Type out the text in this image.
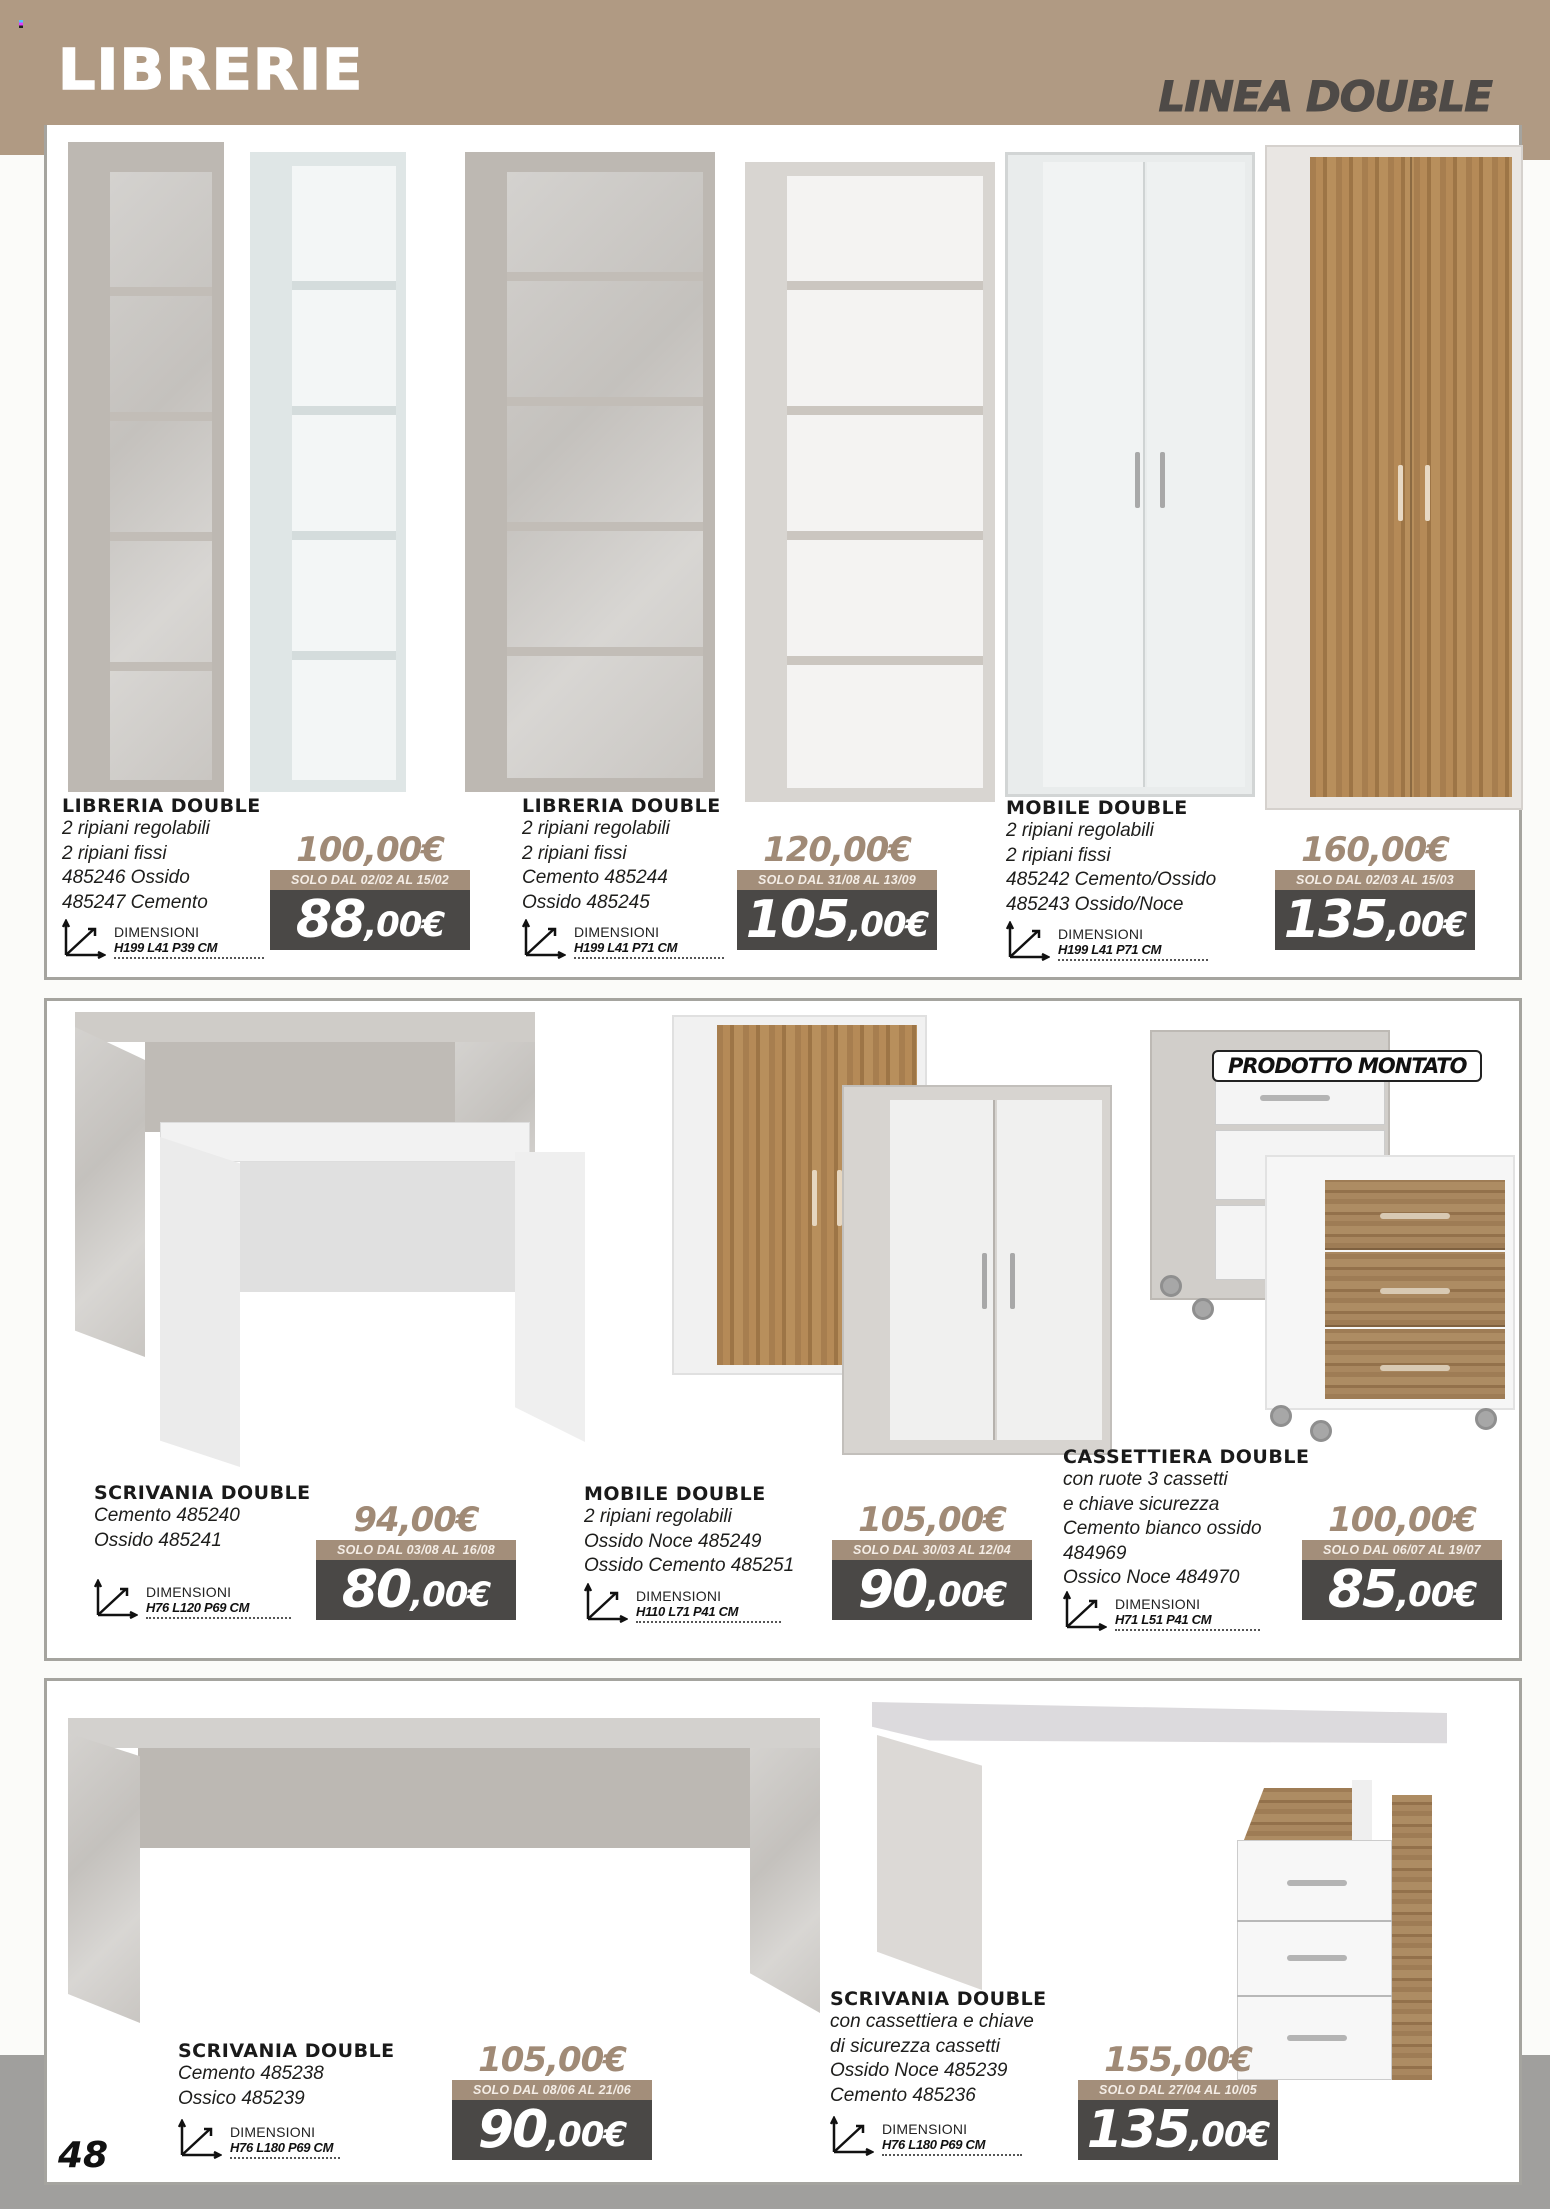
LIBRERIE	LINEA DOUBLE
LIBRERIA DOUBLE
2 ripiani regolabili
2 ripiani fissi
485246 Ossido
485247 Cemento
DIMENSIONI
H199 L41 P39 CM
100,00€
SOLO DAL 02/02 AL 15/02
88 ,00€
LIBRERIA DOUBLE
2 ripiani regolabili
2 ripiani fissi
Cemento 485244
Ossido 485245
DIMENSIONI
H199 L41 P71 CM
120,00€
SOLO DAL 31/08 AL 13/09
105 ,00€
MOBILE DOUBLE
2 ripiani regolabili
2 ripiani fissi
485242 Cemento/Ossido
485243 Ossido/Noce
DIMENSIONI
H199 L41 P71 CM
160,00€
SOLO DAL 02/03 AL 15/03
135 ,00€
PRODOTTO MONTATO
SCRIVANIA DOUBLE
Cemento 485240
Ossido 485241
DIMENSIONI
H76 L120 P69 CM
94,00€
SOLO DAL 03/08 AL 16/08
80 ,00€
MOBILE DOUBLE
2 ripiani regolabili
Ossido Noce 485249
Ossido Cemento 485251
DIMENSIONI
H110 L71 P41 CM
105,00€
SOLO DAL 30/03 AL 12/04
90 ,00€
CASSETTIERA DOUBLE
con ruote 3 cassetti
e chiave sicurezza
Cemento bianco ossido
484969
Ossico Noce 484970
DIMENSIONI
H71 L51 P41 CM
100,00€
SOLO DAL 06/07 AL 19/07
85 ,00€
SCRIVANIA DOUBLE
Cemento 485238
Ossico 485239
DIMENSIONI
H76 L180 P69 CM
105,00€
SOLO DAL 08/06 AL 21/06
90 ,00€
SCRIVANIA DOUBLE
con cassettiera e chiave
di sicurezza cassetti
Ossido Noce 485239
Cemento 485236
DIMENSIONI
H76 L180 P69 CM
155,00€
SOLO DAL 27/04 AL 10/05
135 ,00€
48
